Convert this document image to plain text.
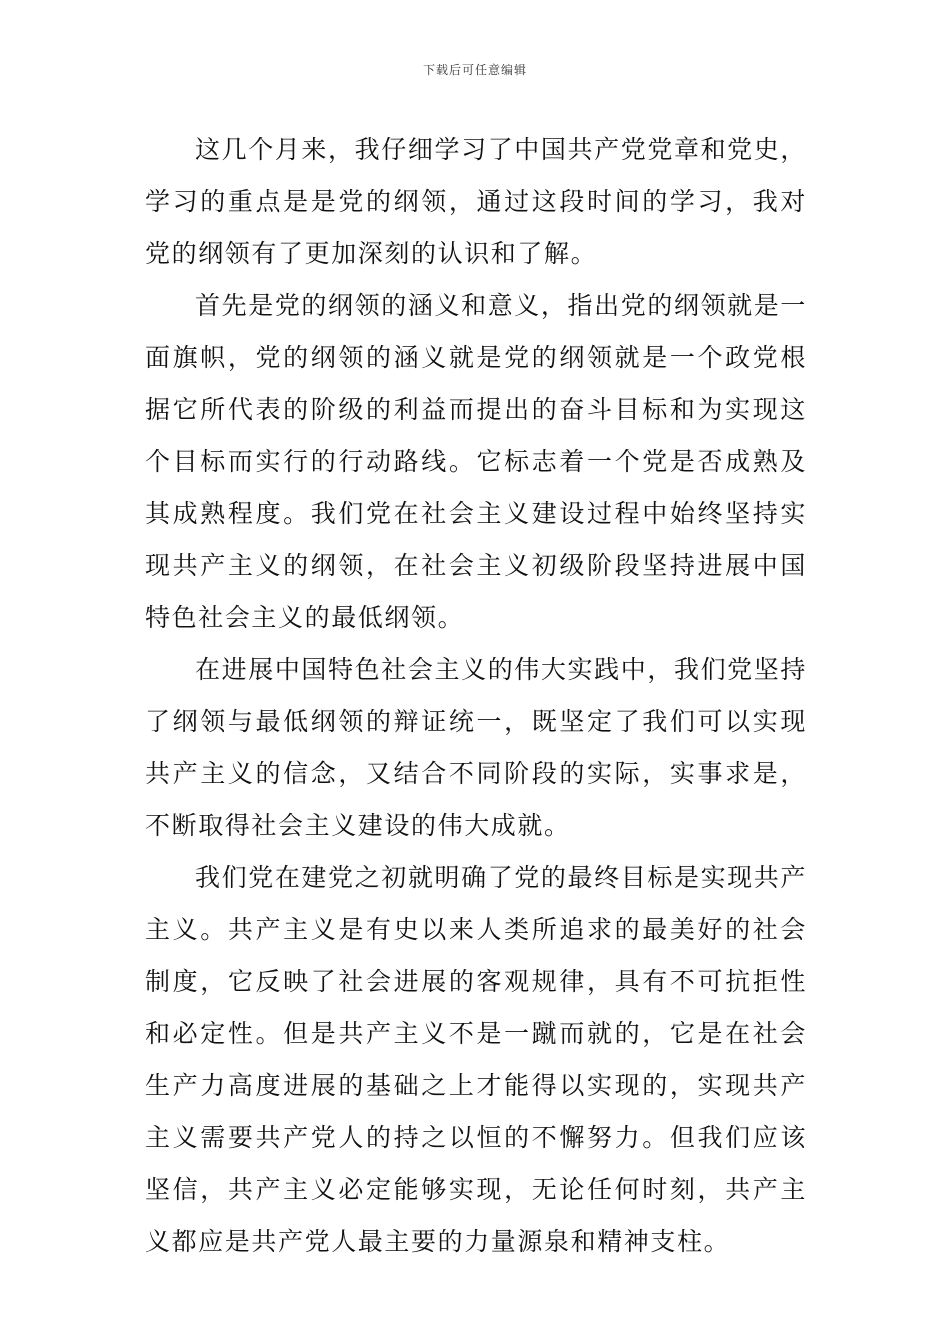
下载后可任意编辑

这几个月来，我仔细学习了中国共产党党章和党史，学习的重点是是党的纲领，通过这段时间的学习，我对党的纲领有了更加深刻的认识和了解。

首先是党的纲领的涵义和意义，指出党的纲领就是一面旗帜，党的纲领的涵义就是党的纲领就是一个政党根据它所代表的阶级的利益而提出的奋斗目标和为实现这个目标而实行的行动路线。它标志着一个党是否成熟及其成熟程度。我们党在社会主义建设过程中始终坚持实现共产主义的纲领，在社会主义初级阶段坚持进展中国特色社会主义的最低纲领。

在进展中国特色社会主义的伟大实践中，我们党坚持了纲领与最低纲领的辩证统一，既坚定了我们可以实现共产主义的信念，又结合不同阶段的实际，实事求是，不断取得社会主义建设的伟大成就。

我们党在建党之初就明确了党的最终目标是实现共产主义。共产主义是有史以来人类所追求的最美好的社会制度，它反映了社会进展的客观规律，具有不可抗拒性和必定性。但是共产主义不是一蹴而就的，它是在社会生产力高度进展的基础之上才能得以实现的，实现共产主义需要共产党人的持之以恒的不懈努力。但我们应该坚信，共产主义必定能够实现，无论任何时刻，共产主义都应是共产党人最主要的力量源泉和精神支柱。
